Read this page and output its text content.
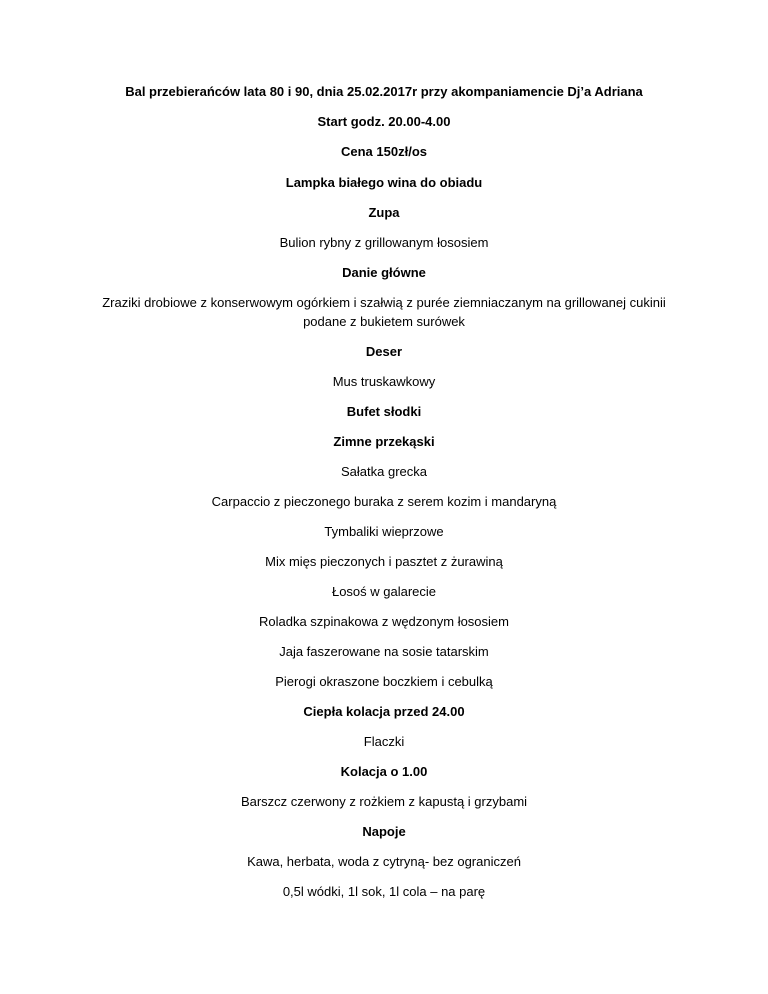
Bal przebierańców lata 80 i 90, dnia 25.02.2017r przy akompaniamencie Dj’a Adriana
Start godz. 20.00-4.00
Cena 150zł/os
Lampka białego wina do obiadu
Zupa
Bulion rybny z grillowanym łososiem
Danie główne
Zraziki drobiowe z konserwowym ogórkiem i szałwią z purée ziemniaczanym na grillowanej cukinii
podane z bukietem surówek
Deser
Mus truskawkowy
Bufet słodki
Zimne przekąski
Sałatka grecka
Carpaccio z pieczonego buraka z serem kozim i mandaryną
Tymbaliki wieprzowe
Mix mięs pieczonych i pasztet z żurawiną
Łosoś w galarecie
Roladka szpinakowa z wędzonym łososiem
Jaja faszerowane na sosie tatarskim
Pierogi okraszone boczkiem i cebulką
Ciepła kolacja przed 24.00
Flaczki
Kolacja o 1.00
Barszcz czerwony z rożkiem z kapustą i grzybami
Napoje
Kawa, herbata, woda z cytryną- bez ograniczeń
0,5l wódki, 1l sok, 1l cola – na parę
